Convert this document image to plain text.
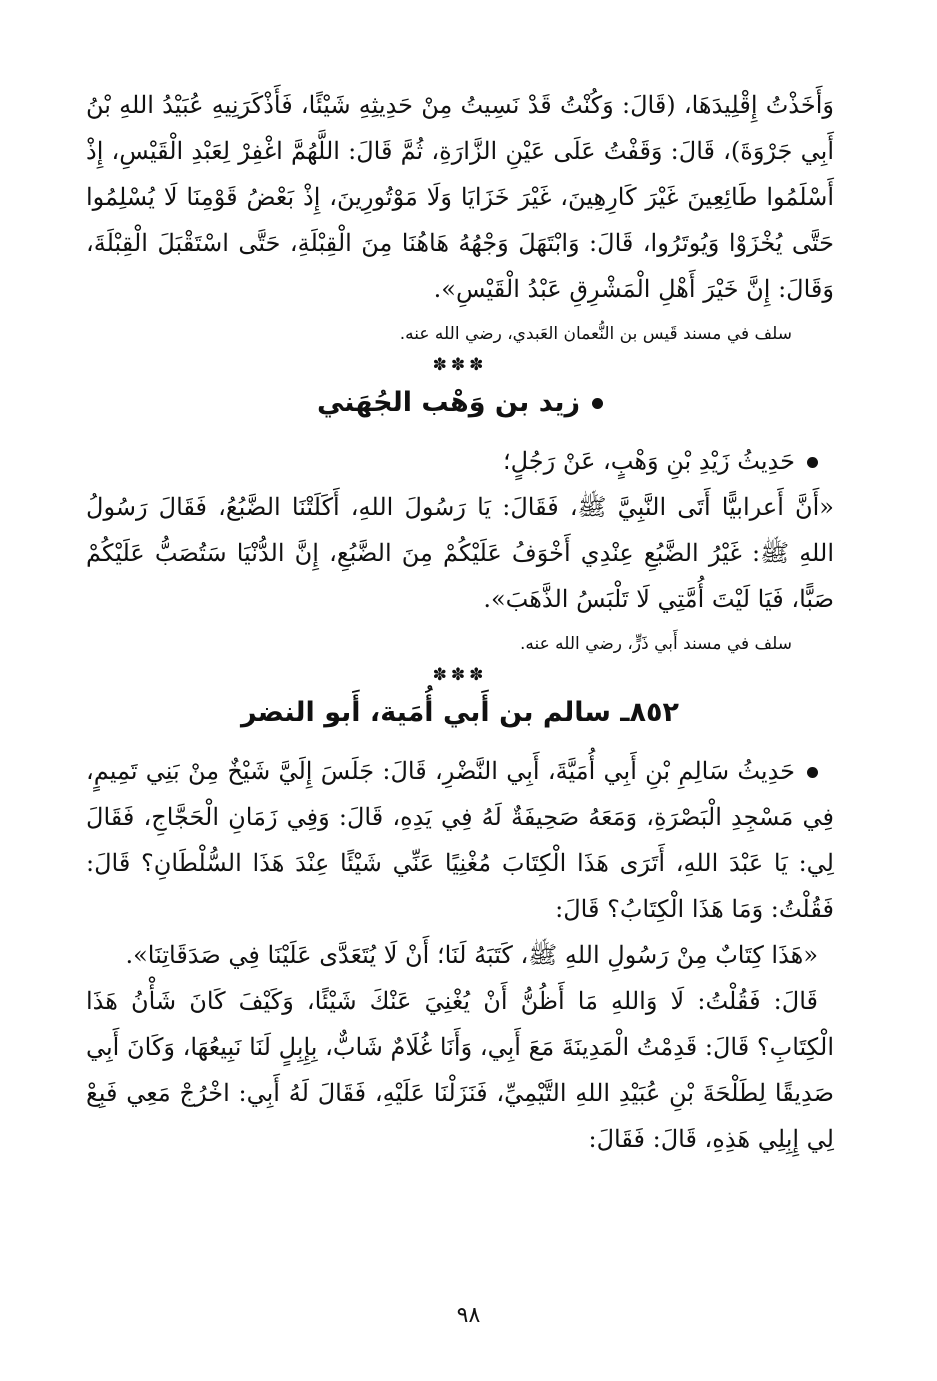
وَأَخَذْتُ إِقْلِيدَهَا، (قَالَ: وَكُنْتُ قَدْ نَسِيتُ مِنْ حَدِيثِهِ شَيْئًا، فَأَذْكَرَنِيهِ عُبَيْدُ اللهِ بْنُ أَبِي جَرْوَةَ)، قَالَ: وَقَفْتُ عَلَى عَيْنِ الزَّارَةِ، ثُمَّ قَالَ: اللَّهُمَّ اغْفِرْ لِعَبْدِ الْقَيْسِ، إِذْ أَسْلَمُوا طَائِعِينَ غَيْرَ كَارِهِينَ، غَيْرَ خَزَايَا وَلَا مَوْتُورِينَ، إِذْ بَعْضُ قَوْمِنَا لَا يُسْلِمُوا حَتَّى يُخْزَوْا وَيُوتَرُوا، قَالَ: وَابْتَهَلَ وَجْهُهُ هَاهُنَا مِنَ الْقِبْلَةِ، حَتَّى اسْتَقْبَلَ الْقِبْلَةَ، وَقَالَ: إِنَّ خَيْرَ أَهْلِ الْمَشْرِقِ عَبْدُ الْقَيْسِ».

سلف في مسند قَيس بن النُّعمان العَبدي، رضي الله عنه.

✽✽✽

زيد بن وَهْب الجُهَني

حَدِيثُ زَيْدِ بْنِ وَهْبٍ، عَنْ رَجُلٍ؛

«أَنَّ أَعرابيًّا أَتَى النَّبِيَّ ﷺ، فَقَالَ: يَا رَسُولَ اللهِ، أَكَلَتْنَا الضَّبُعُ، فَقَالَ رَسُولُ اللهِ ﷺ: غَيْرُ الضَّبُعِ عِنْدِي أَخْوَفُ عَلَيْكُمْ مِنَ الضَّبُعِ، إِنَّ الدُّنْيَا سَتُصَبُّ عَلَيْكُمْ صَبًّا، فَيَا لَيْتَ أُمَّتِي لَا تَلْبَسُ الذَّهَبَ».

سلف في مسند أَبي ذَرٍّ، رضي الله عنه.

✽✽✽

٨٥٢ـ سالم بن أَبي أُمَية، أَبو النضر

حَدِيثُ سَالِمِ بْنِ أَبِي أُمَيَّةَ، أَبِي النَّضْرِ، قَالَ: جَلَسَ إِلَيَّ شَيْخٌ مِنْ بَنِي تَمِيمٍ، فِي مَسْجِدِ الْبَصْرَةِ، وَمَعَهُ صَحِيفَةٌ لَهُ فِي يَدِهِ، قَالَ: وَفِي زَمَانِ الْحَجَّاجِ، فَقَالَ لِي: يَا عَبْدَ اللهِ، أَتَرَى هَذَا الْكِتَابَ مُغْنِيًا عَنِّي شَيْئًا عِنْدَ هَذَا السُّلْطَانِ؟ قَالَ: فَقُلْتُ: وَمَا هَذَا الْكِتَابُ؟ قَالَ:

«هَذَا كِتَابٌ مِنْ رَسُولِ اللهِ ﷺ، كَتَبَهُ لَنَا؛ أَنْ لَا يُتَعَدَّى عَلَيْنَا فِي صَدَقَاتِنَا».

قَالَ: فَقُلْتُ: لَا وَاللهِ مَا أَظُنُّ أَنْ يُغْنِيَ عَنْكَ شَيْئًا، وَكَيْفَ كَانَ شَأْنُ هَذَا الْكِتَابِ؟ قَالَ: قَدِمْتُ الْمَدِينَةَ مَعَ أَبِي، وَأَنَا غُلَامٌ شَابٌّ، بِإِبِلٍ لَنَا نَبِيعُهَا، وَكَانَ أَبِي صَدِيقًا لِطَلْحَةَ بْنِ عُبَيْدِ اللهِ التَّيْمِيِّ، فَنَزَلْنَا عَلَيْهِ، فَقَالَ لَهُ أَبِي: اخْرُجْ مَعِي فَبِعْ لِي إِبِلِي هَذِهِ، قَالَ: فَقَالَ:

٩٨
